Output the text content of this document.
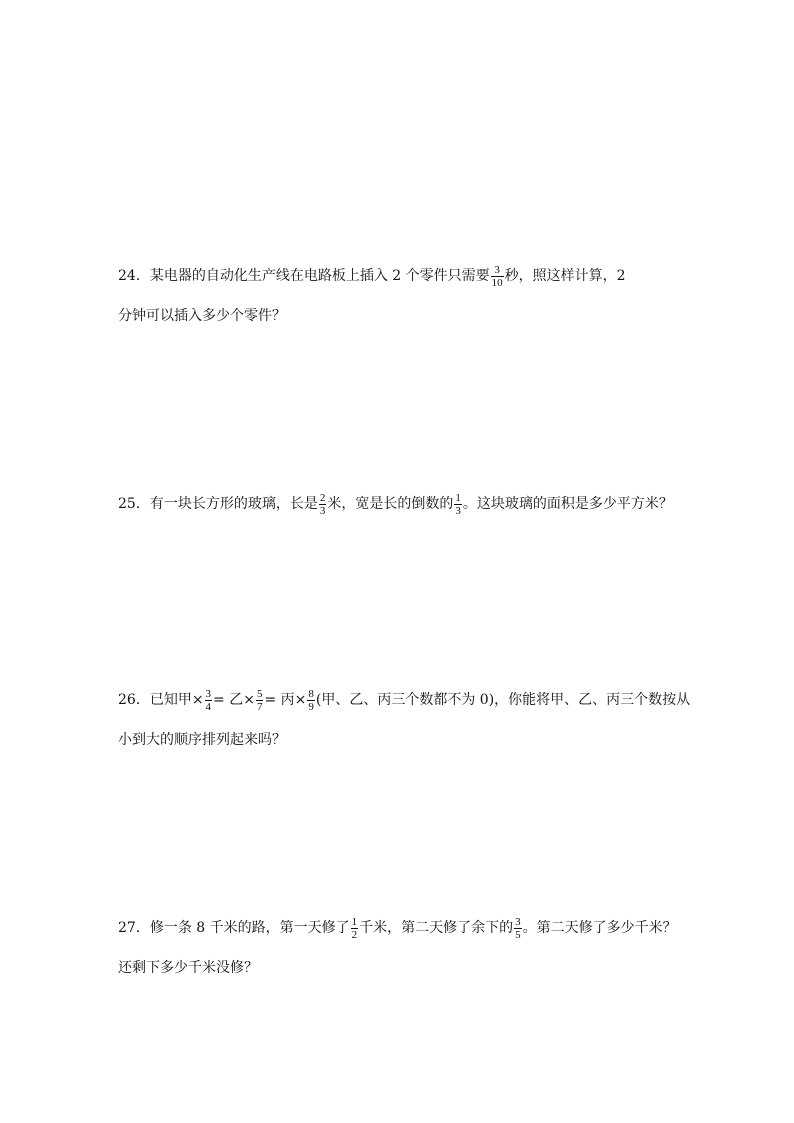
24．某电器的自动化生产线在电路板上插入 2 个零件只需要 $\frac{3}{10}$ 秒，照这样计算，2
分钟可以插入多少个零件？
25．有一块长方形的玻璃，长是 $\frac{2}{3}$ 米，宽是长的倒数的 $\frac{1}{3}$ 。这块玻璃的面积是多少平方米？
26．已知甲× $\frac{3}{4}$ = 乙× $\frac{5}{7}$ = 丙× $\frac{8}{9}$ (甲、乙、丙三个数都不为 0)，你能将甲、乙、丙三个数按从
小到大的顺序排列起来吗？
27．修一条 8 千米的路，第一天修了 $\frac{1}{2}$ 千米，第二天修了余下的 $\frac{3}{5}$ 。第二天修了多少千米？
还剩下多少千米没修？
